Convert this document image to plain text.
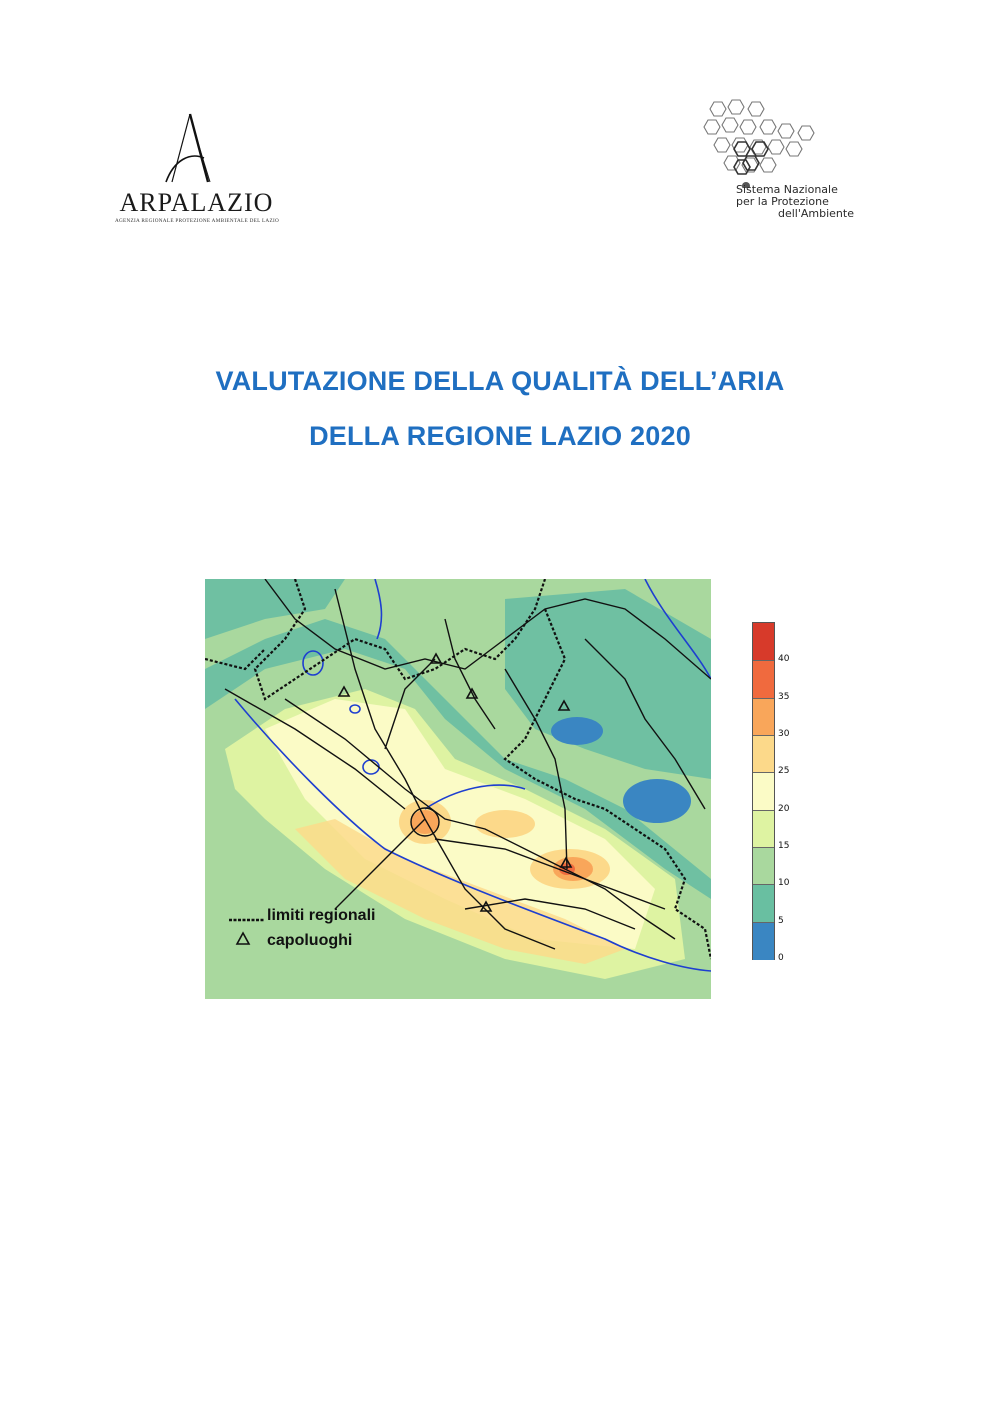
ARPALAZIO
AGENZIA REGIONALE PROTEZIONE AMBIENTALE DEL LAZIO
Sistema Nazionale
per la Protezione
dell'Ambiente
VALUTAZIONE DELLA QUALITÀ DELL’ARIA
DELLA REGIONE LAZIO 2020
limiti regionali
capoluoghi
40
35
30
25
20
15
10
5
0
